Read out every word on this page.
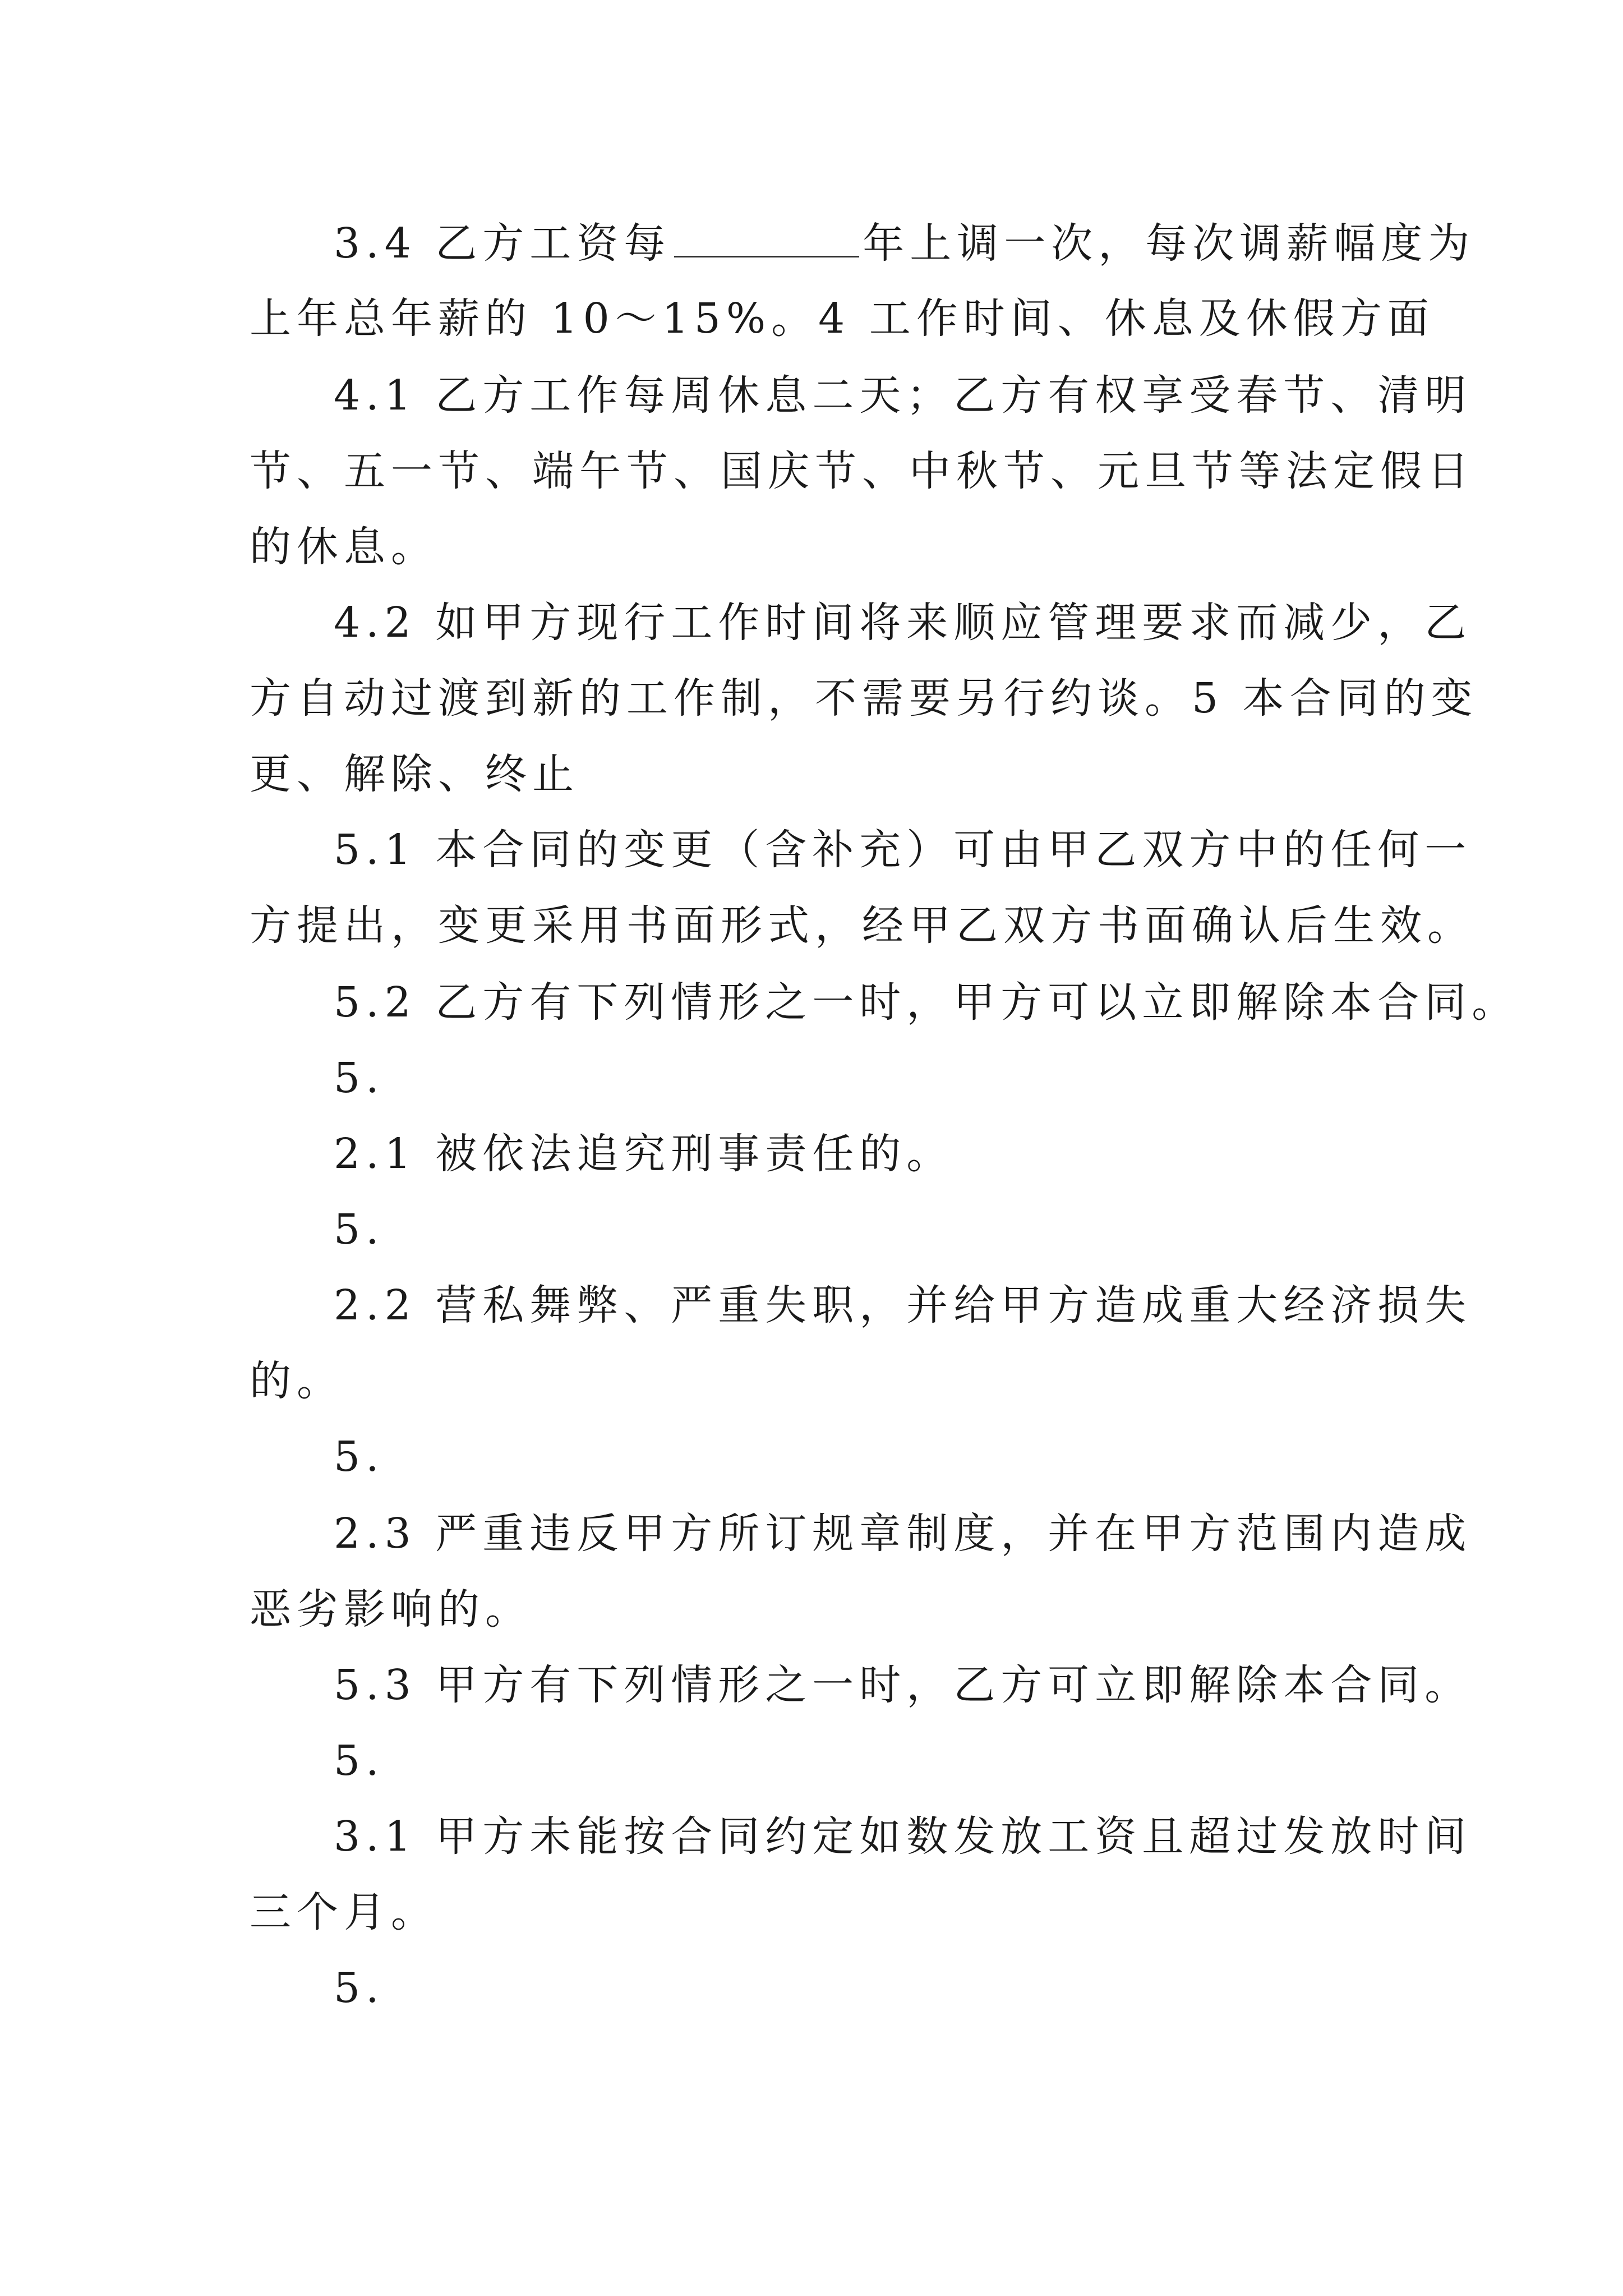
3.4 乙方工资每	年上调一次，每次调薪幅度为
上年总年薪的 10～15%。4 工作时间、休息及休假方面
4.1 乙方工作每周休息二天；乙方有权享受春节、清明
节、五一节、端午节、国庆节、中秋节、元旦节等法定假日
的休息。
4.2 如甲方现行工作时间将来顺应管理要求而减少，乙
方自动过渡到新的工作制，不需要另行约谈。5 本合同的变
更、解除、终止
5.1 本合同的变更（含补充）可由甲乙双方中的任何一
方提出，变更采用书面形式，经甲乙双方书面确认后生效。
5.2 乙方有下列情形之一时，甲方可以立即解除本合同。
5.
2.1 被依法追究刑事责任的。
5.
2.2 营私舞弊、严重失职，并给甲方造成重大经济损失
的。
5.
2.3 严重违反甲方所订规章制度，并在甲方范围内造成
恶劣影响的。
5.3 甲方有下列情形之一时，乙方可立即解除本合同。
5.
3.1 甲方未能按合同约定如数发放工资且超过发放时间
三个月。
5.
